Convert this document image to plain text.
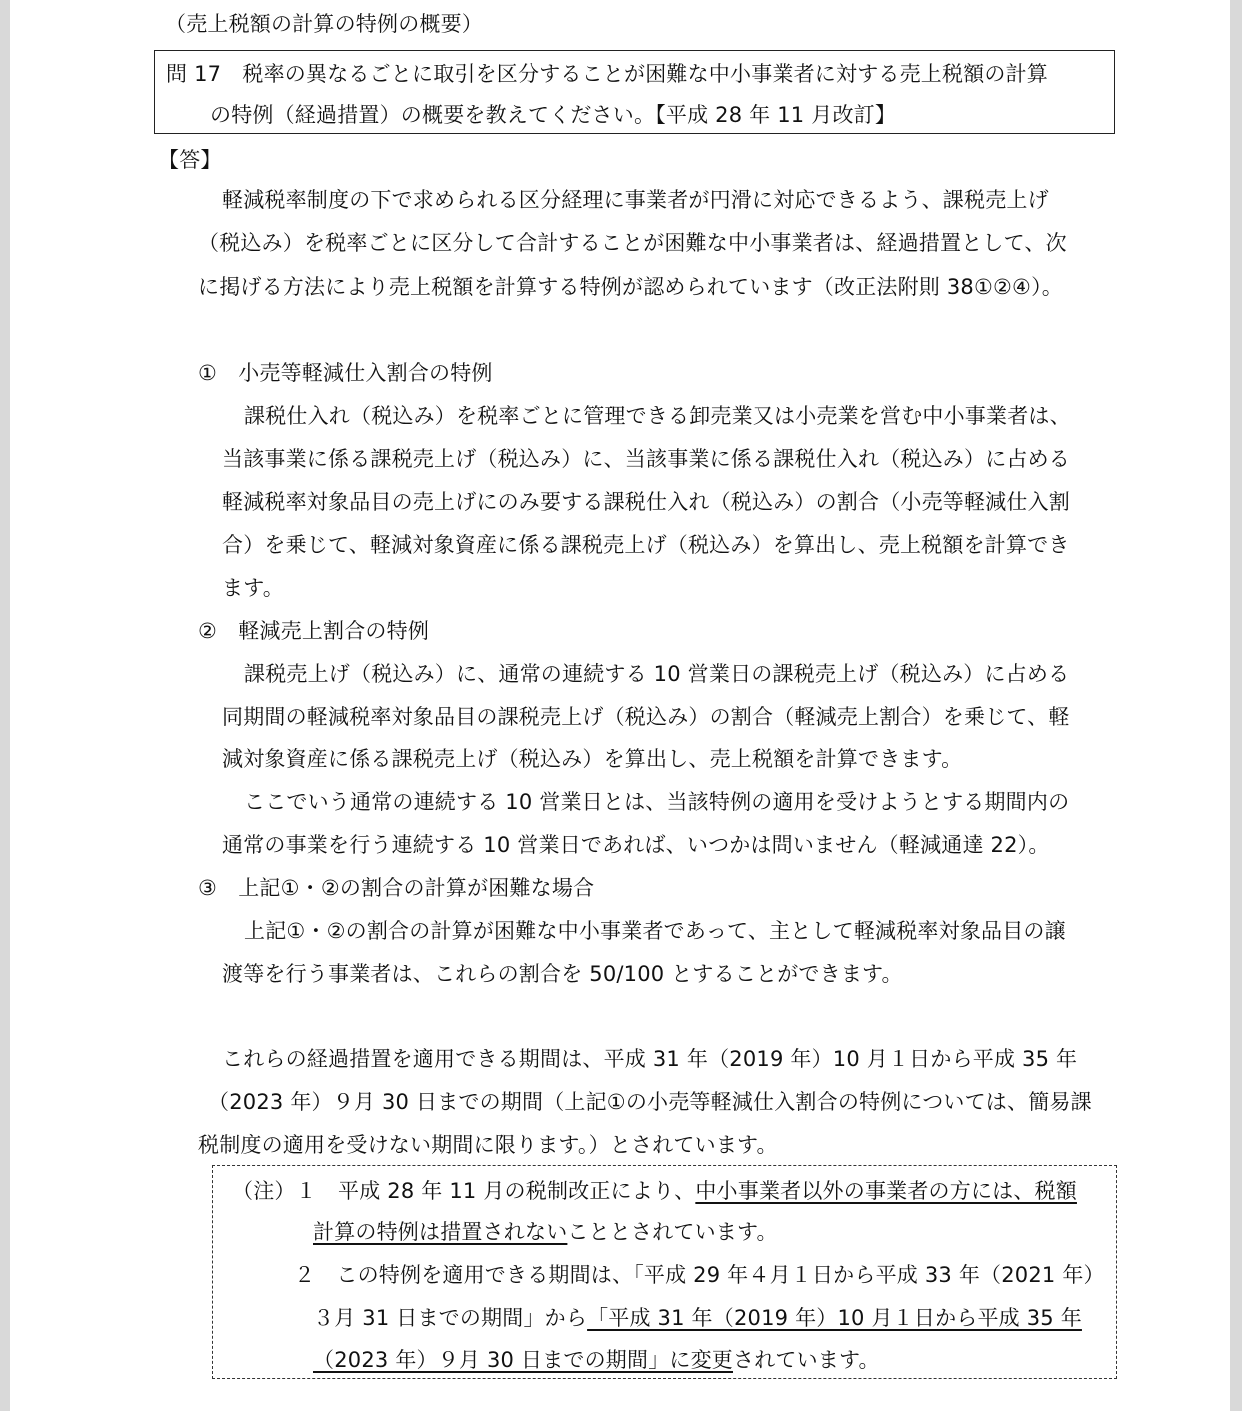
（売上税額の計算の特例の概要）
問 17　税率の異なるごとに取引を区分することが困難な中小事業者に対する売上税額の計算
の特例（経過措置）の概要を教えてください。【平成 28 年 11 月改訂】
【答】
軽減税率制度の下で求められる区分経理に事業者が円滑に対応できるよう、課税売上げ
（税込み）を税率ごとに区分して合計することが困難な中小事業者は、経過措置として、次
に掲げる方法により売上税額を計算する特例が認められています（改正法附則 38①②④）。
①　小売等軽減仕入割合の特例
課税仕入れ（税込み）を税率ごとに管理できる卸売業又は小売業を営む中小事業者は、
当該事業に係る課税売上げ（税込み）に、当該事業に係る課税仕入れ（税込み）に占める
軽減税率対象品目の売上げにのみ要する課税仕入れ（税込み）の割合（小売等軽減仕入割
合）を乗じて、軽減対象資産に係る課税売上げ（税込み）を算出し、売上税額を計算でき
ます。
②　軽減売上割合の特例
課税売上げ（税込み）に、通常の連続する 10 営業日の課税売上げ（税込み）に占める
同期間の軽減税率対象品目の課税売上げ（税込み）の割合（軽減売上割合）を乗じて、軽
減対象資産に係る課税売上げ（税込み）を算出し、売上税額を計算できます。
ここでいう通常の連続する 10 営業日とは、当該特例の適用を受けようとする期間内の
通常の事業を行う連続する 10 営業日であれば、いつかは問いません（軽減通達 22）。
③　上記①・②の割合の計算が困難な場合
上記①・②の割合の計算が困難な中小事業者であって、主として軽減税率対象品目の譲
渡等を行う事業者は、これらの割合を 50/100 とすることができます。
これらの経過措置を適用できる期間は、平成 31 年（2019 年）10 月１日から平成 35 年
（2023 年）９月 30 日までの期間（上記①の小売等軽減仕入割合の特例については、簡易課
税制度の適用を受けない期間に限ります。）とされています。
（注）１　平成 28 年 11 月の税制改正により、中小事業者以外の事業者の方には、税額
計算の特例は措置されないこととされています。
２　この特例を適用できる期間は、「平成 29 年４月１日から平成 33 年（2021 年）
３月 31 日までの期間」から「平成 31 年（2019 年）10 月１日から平成 35 年
（2023 年）９月 30 日までの期間」に変更されています。
